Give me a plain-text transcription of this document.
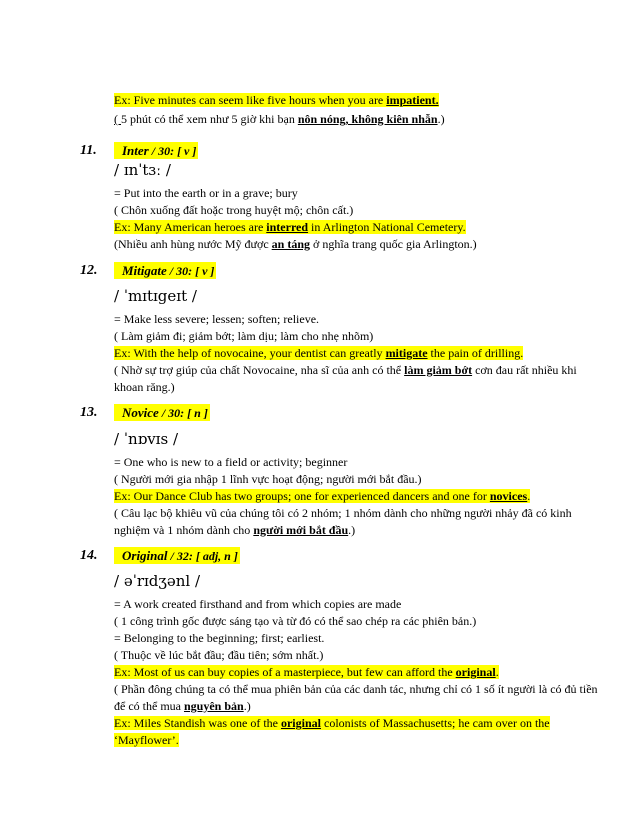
Ex: Five minutes can seem like five hours when you are impatient.
( 5 phút có thể xem như 5 giờ khi bạn nôn nóng, không kiên nhẫn.)
11.	Inter / 30: [ v ]
/ ɪnˈtɜː /
= Put into the earth or in a grave; bury
( Chôn xuống đất hoặc trong huyệt mộ; chôn cất.)
Ex: Many American heroes are interred in Arlington National Cemetery.
(Nhiều anh hùng nước Mỹ được an táng ở nghĩa trang quốc gia Arlington.)
12.	Mitigate / 30: [ v ]
/ ˈmɪtɪgeɪt /
= Make less severe; lessen; soften; relieve.
( Làm giảm đi; giảm bớt; làm dịu; làm cho nhẹ nhõm)
Ex: With the help of novocaine, your dentist can greatly mitigate the pain of drilling.
( Nhờ sự trợ giúp của chất Novocaine, nha sĩ của anh có thể làm giảm bớt cơn đau rất nhiều khi khoan răng.)
13.	Novice / 30: [ n ]
/ ˈnɒvɪs /
= One who is new to a field or activity; beginner
( Người mới gia nhập 1 lĩnh vực hoạt động; người mới bắt đầu.)
Ex: Our Dance Club has two groups; one for experienced dancers and one for novices.
( Câu lạc bộ khiêu vũ của chúng tôi có 2 nhóm; 1 nhóm dành cho những người nhảy đã có kinh nghiệm và 1 nhóm dành cho người mới bắt đầu.)
14.	Original / 32: [ adj, n ]
/ əˈrɪdʒənl /
= A work created firsthand and from which copies are made
( 1 công trình gốc được sáng tạo và từ đó có thể sao chép ra các phiên bản.)
= Belonging to the beginning; first; earliest.
( Thuộc về lúc bắt đầu; đầu tiên; sớm nhất.)
Ex: Most of us can buy copies of a masterpiece, but few can afford the original.
( Phần đông chúng ta có thể mua phiên bản của các danh tác, nhưng chỉ có 1 số ít người là có đủ tiền để có thể mua nguyên bản.)
Ex: Miles Standish was one of the original colonists of Massachusetts; he cam over on the ‘Mayflower’.
